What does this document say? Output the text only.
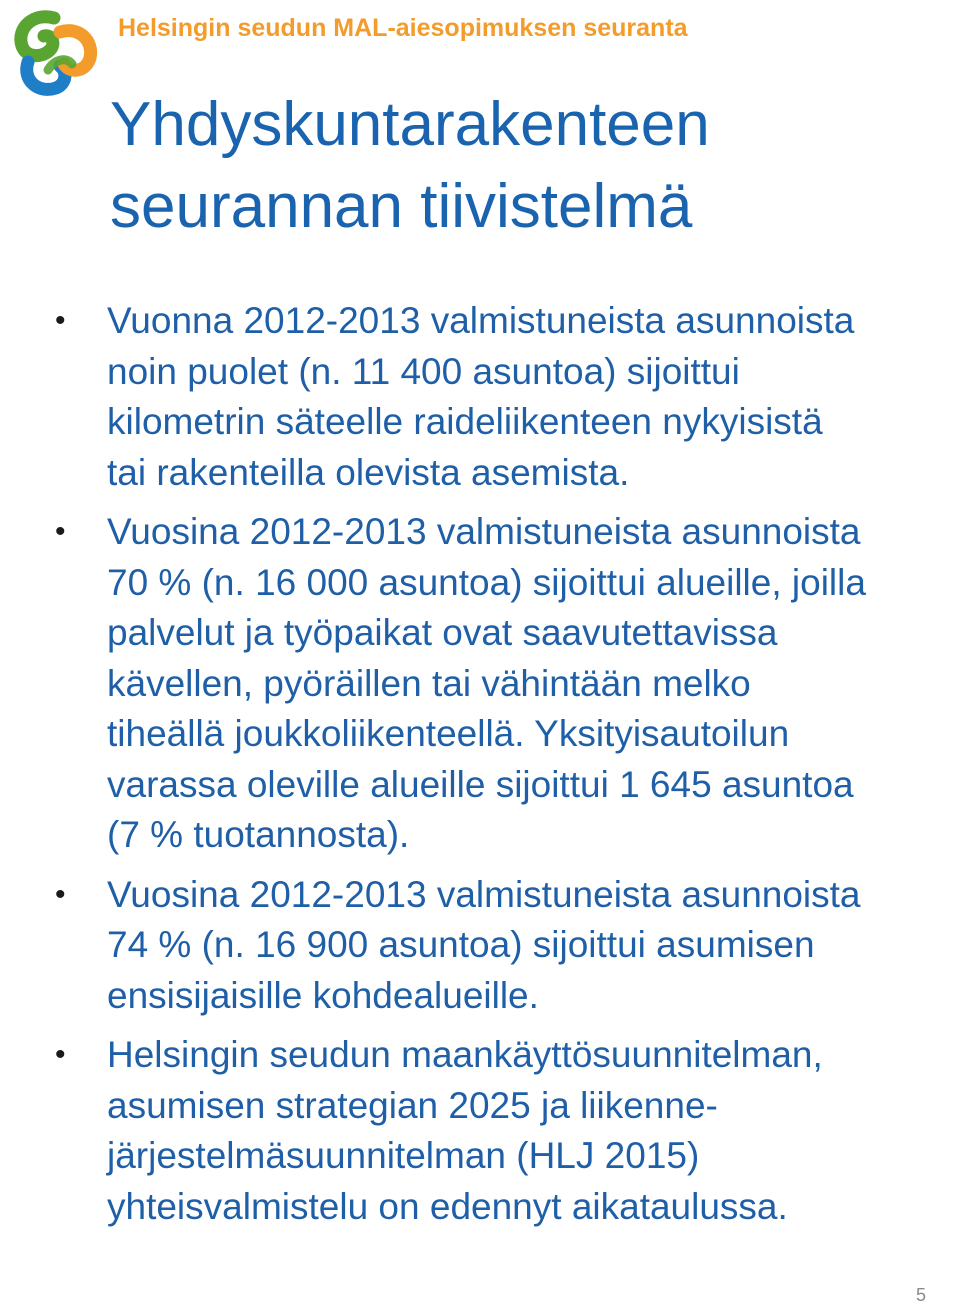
Helsingin seudun MAL-aiesopimuksen seuranta
Yhdyskuntarakenteen
seurannan tiivistelmä
• Vuonna 2012-2013 valmistuneista asunnoista
noin puolet (n. 11 400 asuntoa) sijoittui
kilometrin säteelle raideliikenteen nykyisistä
tai rakenteilla olevista asemista.
• Vuosina 2012-2013 valmistuneista asunnoista
70 % (n. 16 000 asuntoa) sijoittui alueille, joilla
palvelut ja työpaikat ovat saavutettavissa
kävellen, pyöräillen tai vähintään melko
tiheällä joukkoliikenteellä. Yksityisautoilun
varassa oleville alueille sijoittui 1 645 asuntoa
(7 % tuotannosta).
• Vuosina 2012-2013 valmistuneista asunnoista
74 % (n. 16 900 asuntoa) sijoittui asumisen
ensisijaisille kohdealueille.
• Helsingin seudun maankäyttösuunnitelman,
asumisen strategian 2025 ja liikenne-
järjestelmäsuunnitelman (HLJ 2015)
yhteisvalmistelu on edennyt aikataulussa.
5
